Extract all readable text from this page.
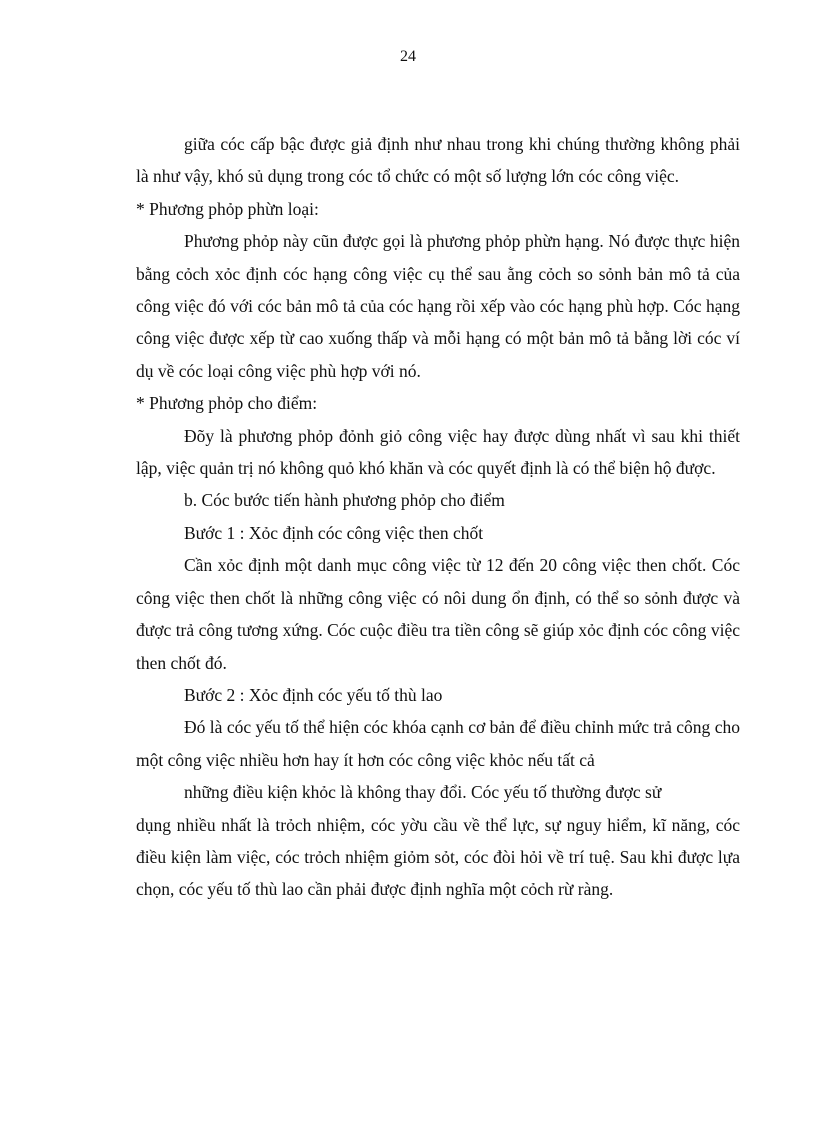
24

giữa cóc cấp bậc được giả định như nhau trong khi chúng thường không phải là như vậy, khó sủ dụng trong cóc tổ chức có một số lượng lớn cóc công việc.

* Phương phỏp phừn loại:

Phương phỏp này cũn được gọi là phương phỏp phừn hạng. Nó được thực hiện bằng cỏch xỏc định cóc hạng công việc cụ thể sau ằng cỏch so sỏnh bản mô tả của công việc đó với cóc bản mô tả của cóc hạng rồi xếp vào cóc hạng phù hợp. Cóc hạng công việc được xếp từ cao xuống thấp và mỗi hạng có một bản mô tả bằng lời cóc ví dụ về cóc loại công việc phù hợp với nó.

* Phương phỏp cho điểm:

Đõy là phương phỏp đỏnh giỏ công việc hay được dùng nhất vì sau khi thiết lập, việc quản trị nó không quỏ khó khăn và cóc quyết định là có thể biện hộ được.

b. Cóc bước tiến hành phương phỏp cho điểm

Bước 1 : Xỏc định cóc công việc then chốt

Cần xỏc định một danh mục công việc từ 12 đến 20 công việc then chốt. Cóc công việc then chốt là những công việc có nôi dung ổn định, có thể so sỏnh được và được trả công tương xứng. Cóc cuộc điều tra tiền công sẽ giúp xỏc định cóc công việc then chốt đó.

Bước 2 : Xỏc định cóc yếu tố thù lao

Đó là cóc yếu tố thể hiện cóc khóa cạnh cơ bản để điều chỉnh mức trả công cho một công việc nhiều hơn hay ít hơn cóc công việc khỏc nếu tất cả

những điều kiện khỏc là không thay đổi. Cóc yếu tố thường được sử

dụng nhiều nhất là trỏch nhiệm, cóc yờu cầu về thể lực, sự nguy hiểm, kĩ năng, cóc điều kiện làm việc, cóc trỏch nhiệm giỏm sỏt, cóc đòi hỏi về trí tuệ. Sau khi được lựa chọn, cóc yếu tố thù lao cần phải được định nghĩa một cỏch rừ ràng.
